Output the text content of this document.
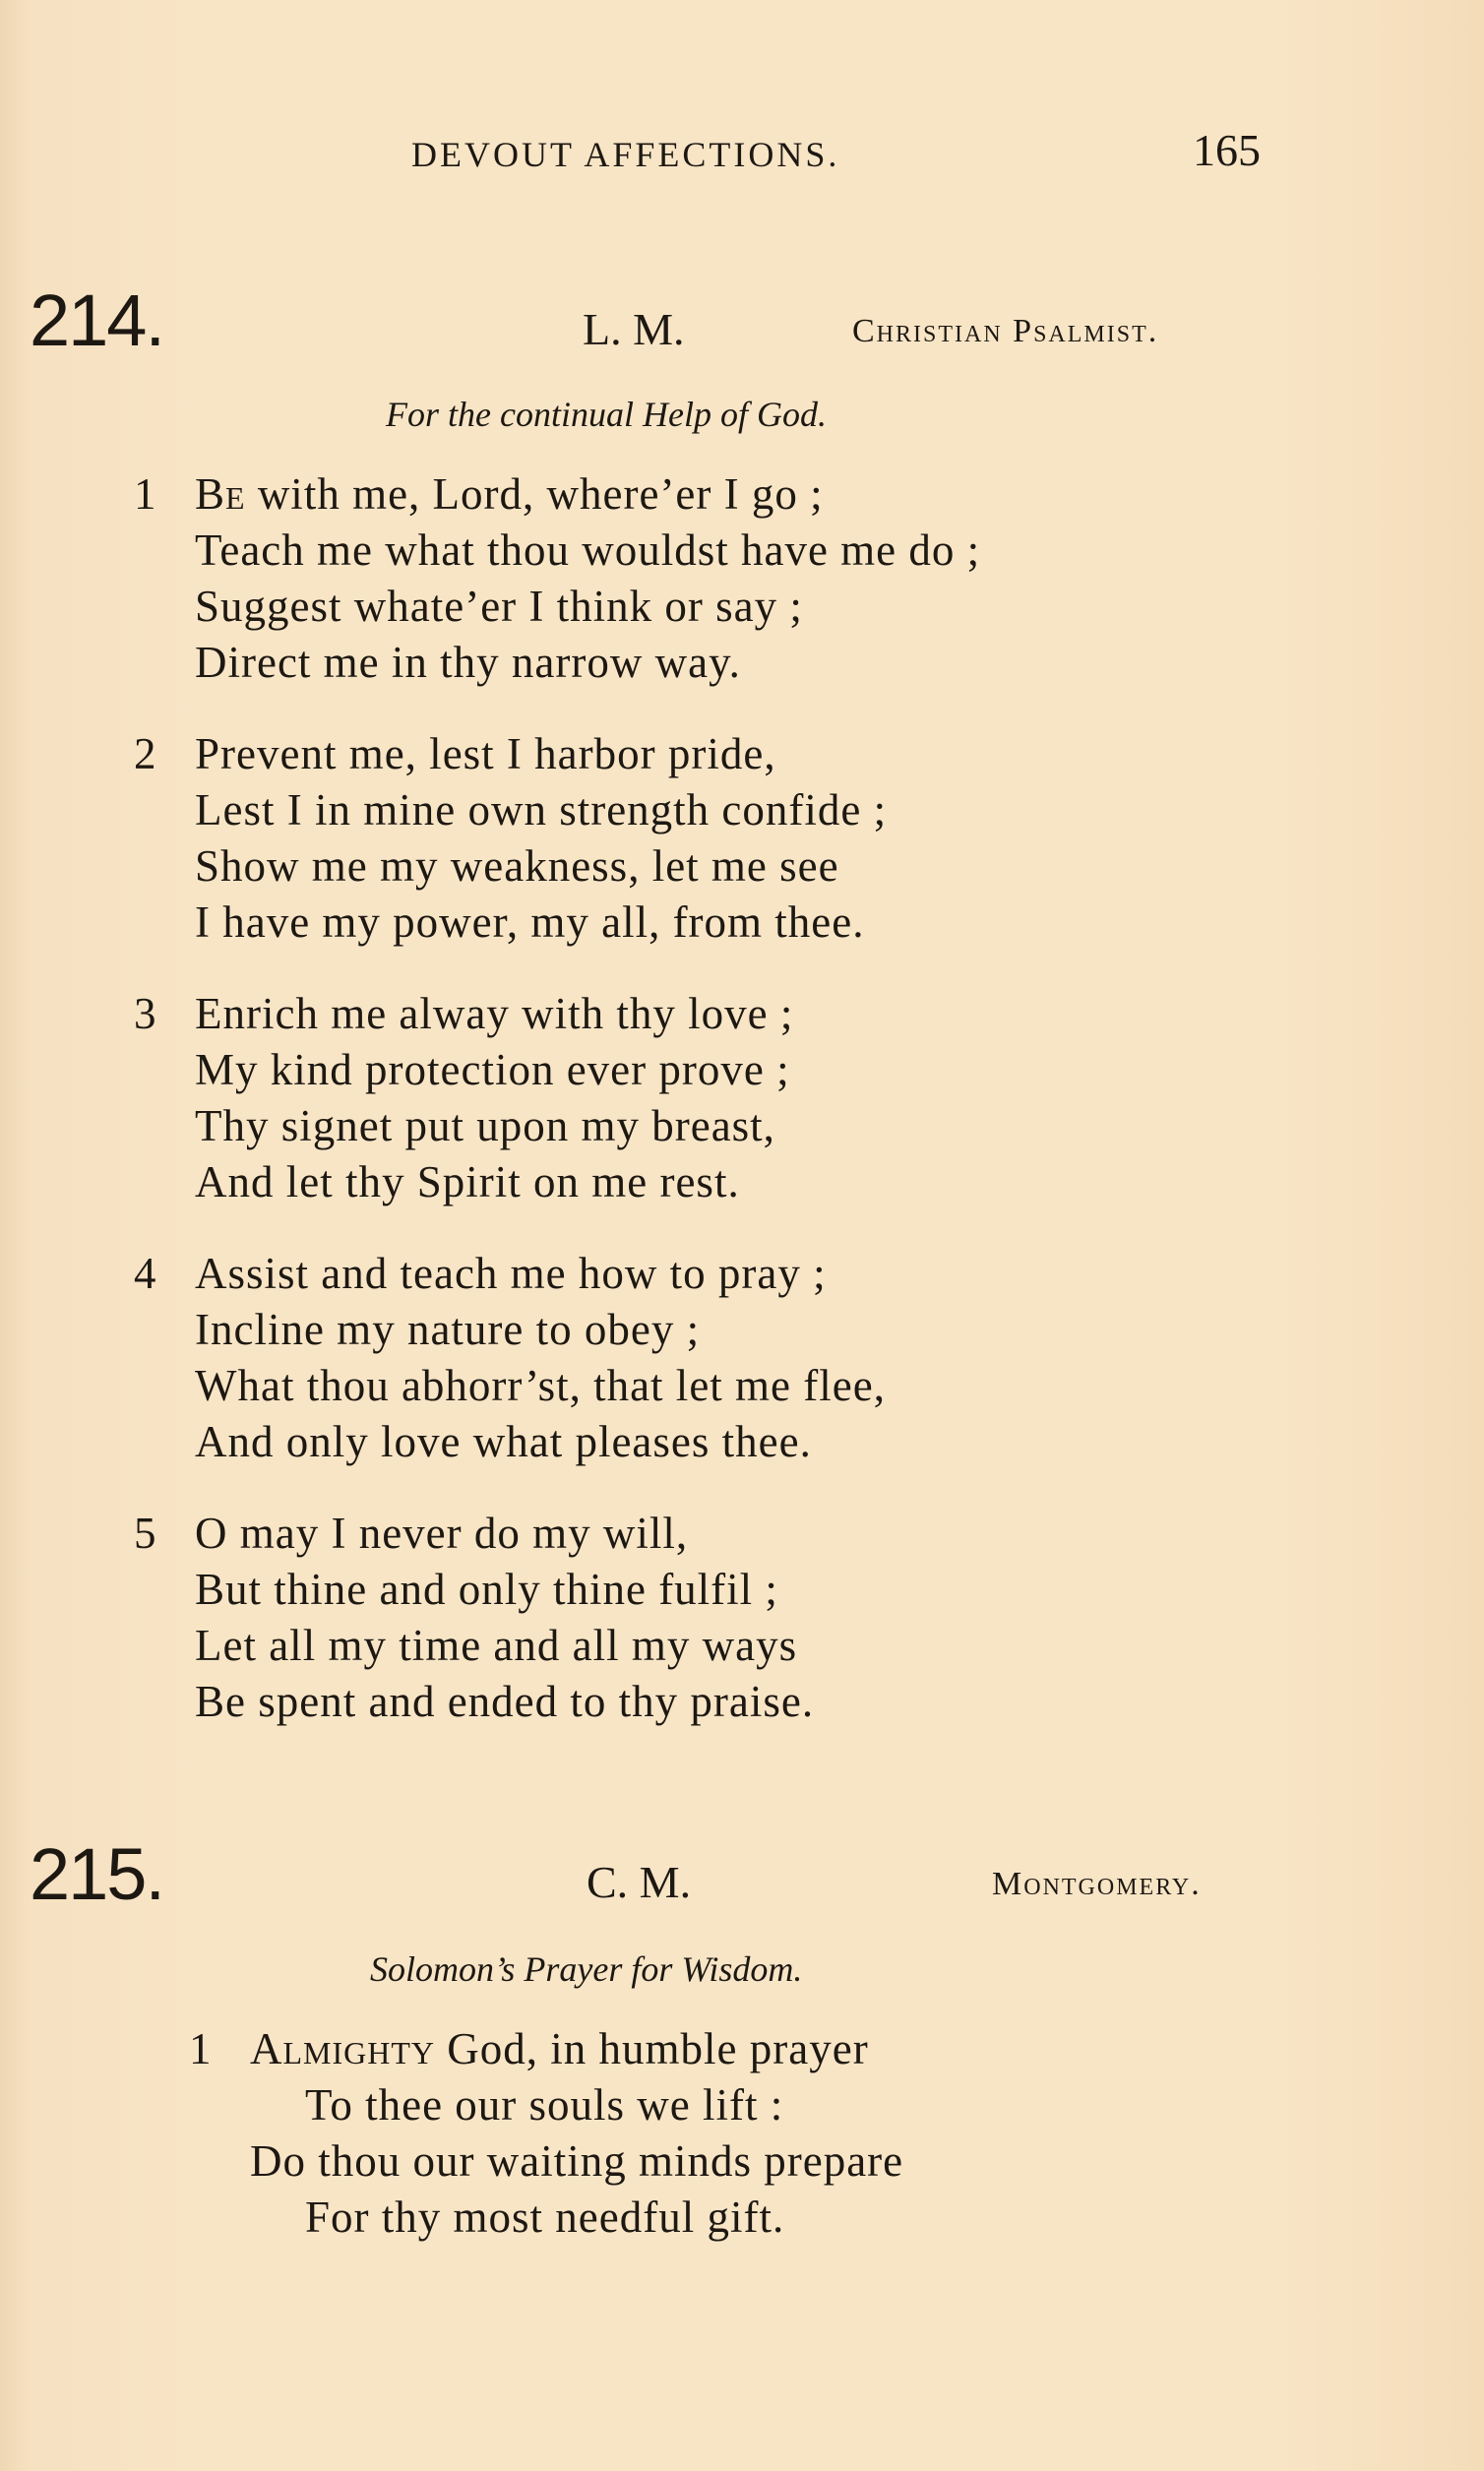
DEVOUT AFFECTIONS.	165
214.	L. M.	Christian Psalmist.
For the continual Help of God.
1 Be with me, Lord, where’er I go ;
Teach me what thou wouldst have me do ;
Suggest whate’er I think or say ;
Direct me in thy narrow way.
2 Prevent me, lest I harbor pride,
Lest I in mine own strength confide ;
Show me my weakness, let me see
I have my power, my all, from thee.
3 Enrich me alway with thy love ;
My kind protection ever prove ;
Thy signet put upon my breast,
And let thy Spirit on me rest.
4 Assist and teach me how to pray ;
Incline my nature to obey ;
What thou abhorr’st, that let me flee,
And only love what pleases thee.
5 O may I never do my will,
But thine and only thine fulfil ;
Let all my time and all my ways
Be spent and ended to thy praise.
215.	C. M.	Montgomery.
Solomon’s Prayer for Wisdom.
1 Almighty God, in humble prayer
To thee our souls we lift :
Do thou our waiting minds prepare
For thy most needful gift.
